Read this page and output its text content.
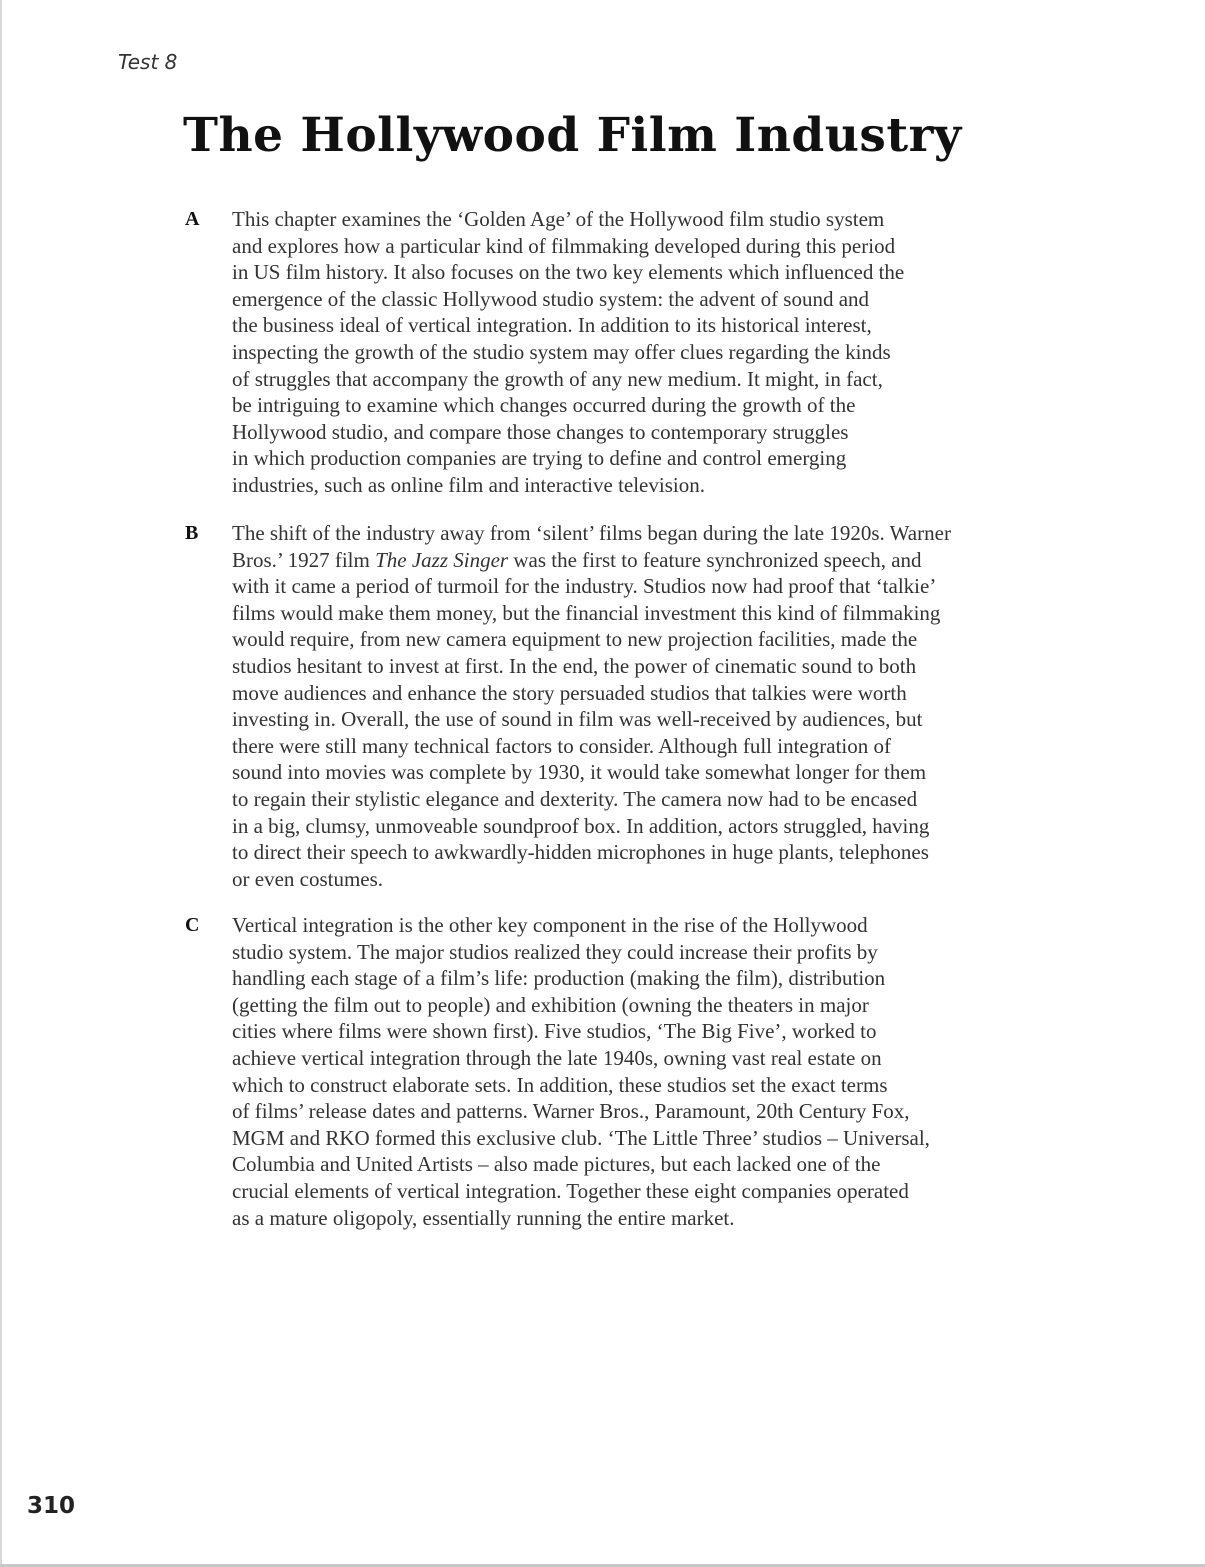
Test 8

The Hollywood Film Industry
A	This chapter examines the ‘Golden Age’ of the Hollywood film studio system
and explores how a particular kind of filmmaking developed during this period
in US film history. It also focuses on the two key elements which influenced the
emergence of the classic Hollywood studio system: the advent of sound and
the business ideal of vertical integration. In addition to its historical interest,
inspecting the growth of the studio system may offer clues regarding the kinds
of struggles that accompany the growth of any new medium. It might, in fact,
be intriguing to examine which changes occurred during the growth of the
Hollywood studio, and compare those changes to contemporary struggles
in which production companies are trying to define and control emerging
industries, such as online film and interactive television.

B	The shift of the industry away from ‘silent’ films began during the late 1920s. Warner
Bros.’ 1927 film The Jazz Singer was the first to feature synchronized speech, and
with it came a period of turmoil for the industry. Studios now had proof that ‘talkie’
films would make them money, but the financial investment this kind of filmmaking
would require, from new camera equipment to new projection facilities, made the
studios hesitant to invest at first. In the end, the power of cinematic sound to both
move audiences and enhance the story persuaded studios that talkies were worth
investing in. Overall, the use of sound in film was well-received by audiences, but
there were still many technical factors to consider. Although full integration of
sound into movies was complete by 1930, it would take somewhat longer for them
to regain their stylistic elegance and dexterity. The camera now had to be encased
in a big, clumsy, unmoveable soundproof box. In addition, actors struggled, having
to direct their speech to awkwardly-hidden microphones in huge plants, telephones
or even costumes.

C	Vertical integration is the other key component in the rise of the Hollywood
studio system. The major studios realized they could increase their profits by
handling each stage of a film’s life: production (making the film), distribution
(getting the film out to people) and exhibition (owning the theaters in major
cities where films were shown first). Five studios, ‘The Big Five’, worked to
achieve vertical integration through the late 1940s, owning vast real estate on
which to construct elaborate sets. In addition, these studios set the exact terms
of films’ release dates and patterns. Warner Bros., Paramount, 20th Century Fox,
MGM and RKO formed this exclusive club. ‘The Little Three’ studios – Universal,
Columbia and United Artists – also made pictures, but each lacked one of the
crucial elements of vertical integration. Together these eight companies operated
as a mature oligopoly, essentially running the entire market.

310
